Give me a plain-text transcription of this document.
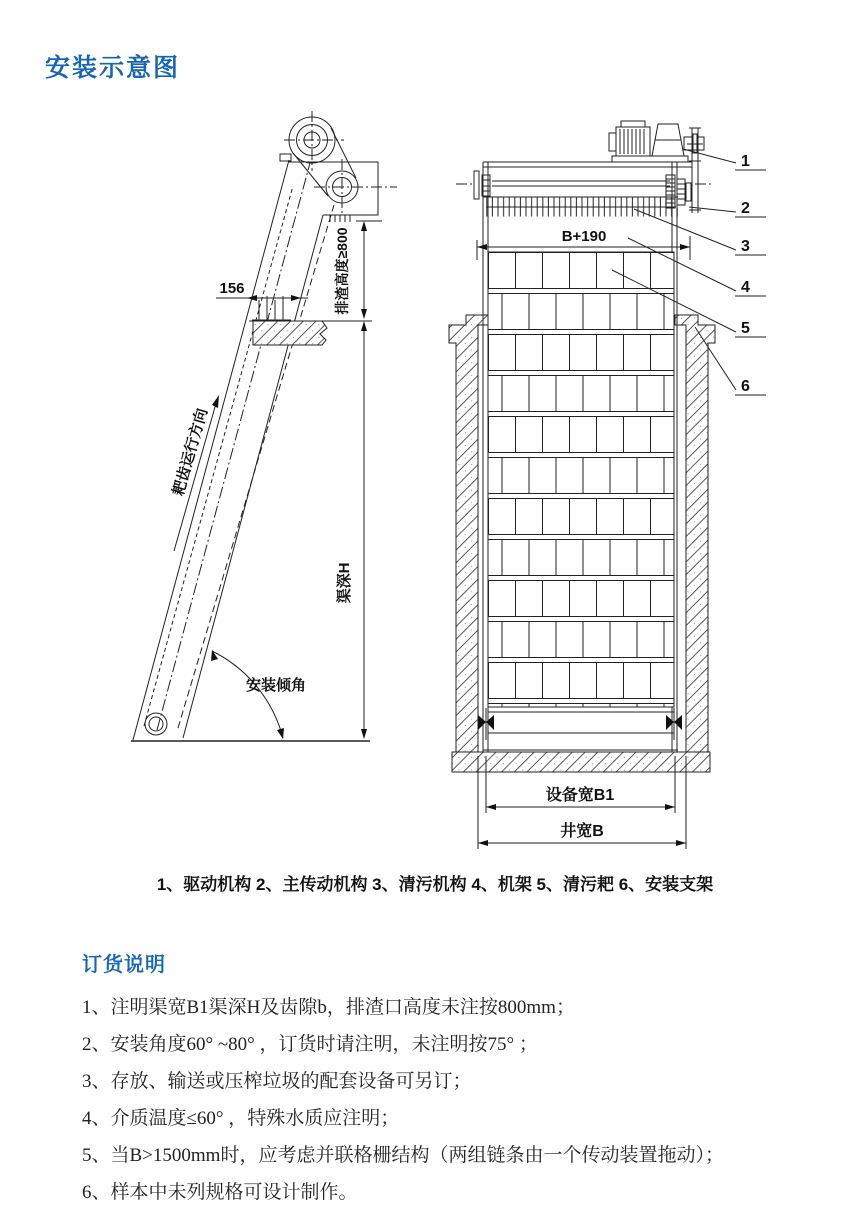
安装示意图
156	排渣高度≥800
渠深H
耙齿运行方向
安装倾角
B+190
设备宽B1
井宽B
1
2
3
4
5
6
1、驱动机构 2、主传动机构 3、清污机构 4、机架 5、清污耙 6、安装支架
订货说明
1、注明渠宽B1渠深H及齿隙b，排渣口高度未注按800mm；
2、安装角度60° ~80° ，订货时请注明，未注明按75° ；
3、存放、输送或压榨垃圾的配套设备可另订；
4、介质温度≤60° ，特殊水质应注明；
5、当B>1500mm时，应考虑并联格栅结构（两组链条由一个传动装置拖动）；
6、样本中未列规格可设计制作。
